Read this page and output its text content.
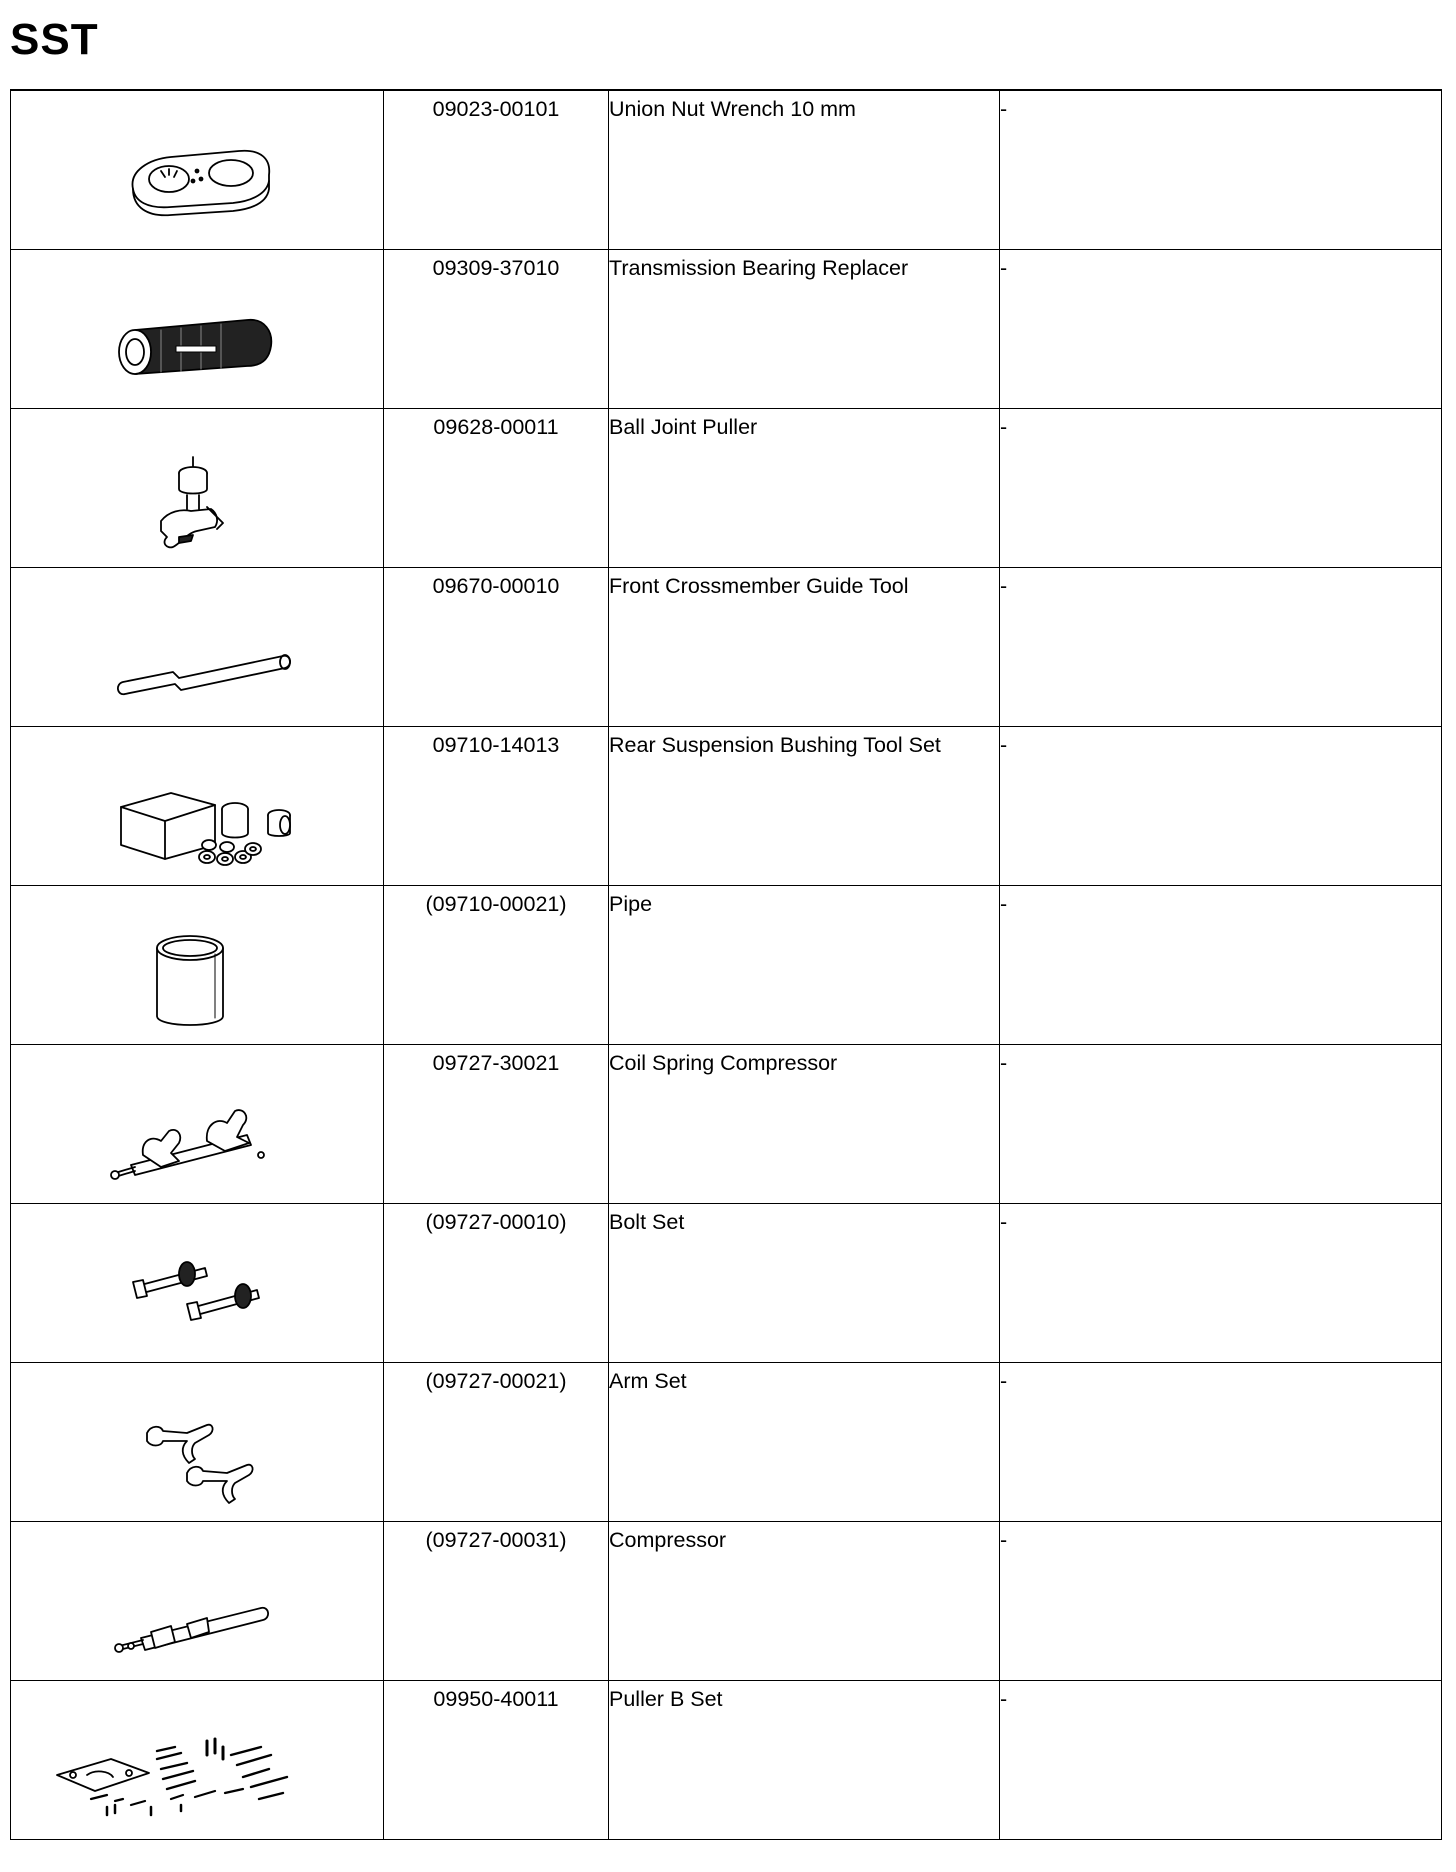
SST

09023-00101	Union Nut Wrench 10 mm	-

09309-37010	Transmission Bearing Replacer	-

09628-00011	Ball Joint Puller	-

09670-00010	Front Crossmember Guide Tool	-

09710-14013	Rear Suspension Bushing Tool Set	-

(09710-00021)	Pipe	-

09727-30021	Coil Spring Compressor	-

(09727-00010)	Bolt Set	-

(09727-00021)	Arm Set	-

(09727-00031)	Compressor	-

09950-40011	Puller B Set	-
